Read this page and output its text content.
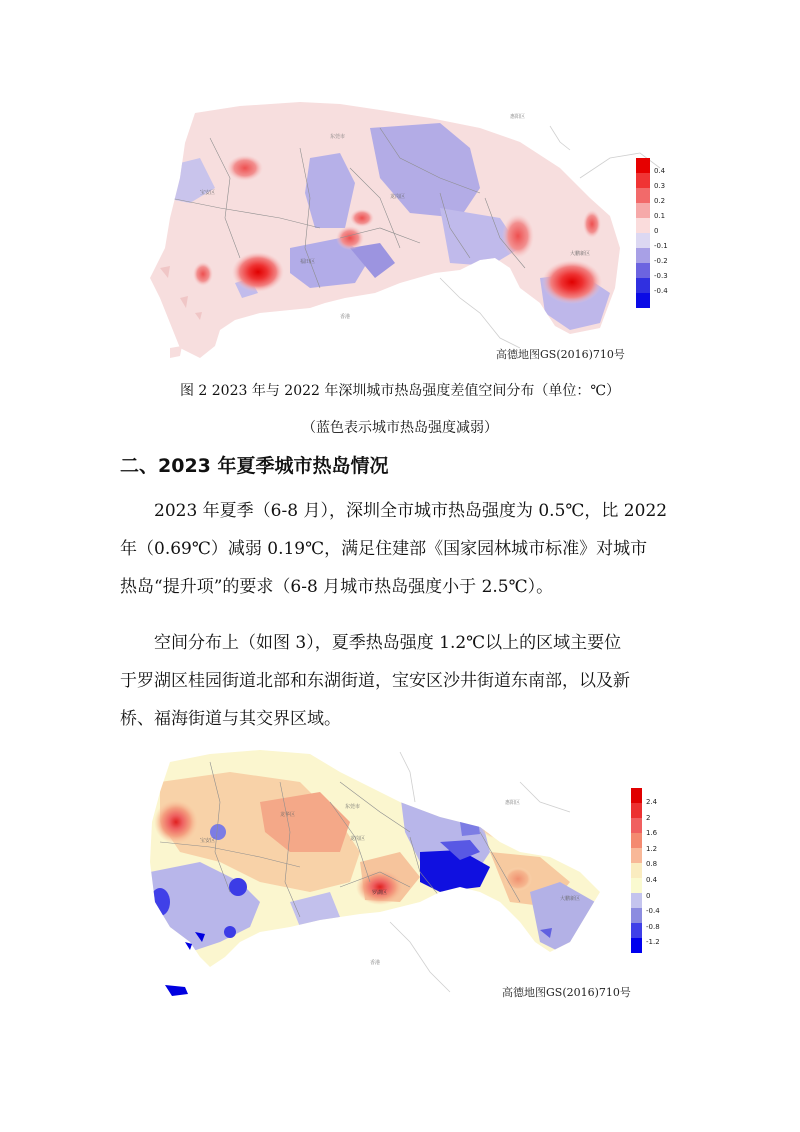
宝安区
东莞市
惠阳区
龙岗区
香港
大鹏新区
福田区
0.4
0.3
0.2
0.1
0
-0.1
-0.2
-0.3
-0.4
高德地图GS(2016)710号
图 2 2023 年与 2022 年深圳城市热岛强度差值空间分布（单位：℃）
（蓝色表示城市热岛强度减弱）
二、2023 年夏季城市热岛情况
2023 年夏季（6-8 月），深圳全市城市热岛强度为 0.5℃，比 2022
年（0.69℃）减弱 0.19℃，满足住建部《国家园林城市标准》对城市
热岛“提升项”的要求（6-8 月城市热岛强度小于 2.5℃）。
空间分布上（如图 3），夏季热岛强度 1.2℃以上的区域主要位
于罗湖区桂园街道北部和东湖街道，宝安区沙井街道东南部，以及新
桥、福海街道与其交界区域。
宝安区
龙华区
东莞市
惠阳区
龙岗区
罗湖区
香港
大鹏新区
2.4
2
1.6
1.2
0.8
0.4
0
-0.4
-0.8
-1.2
高德地图GS(2016)710号
